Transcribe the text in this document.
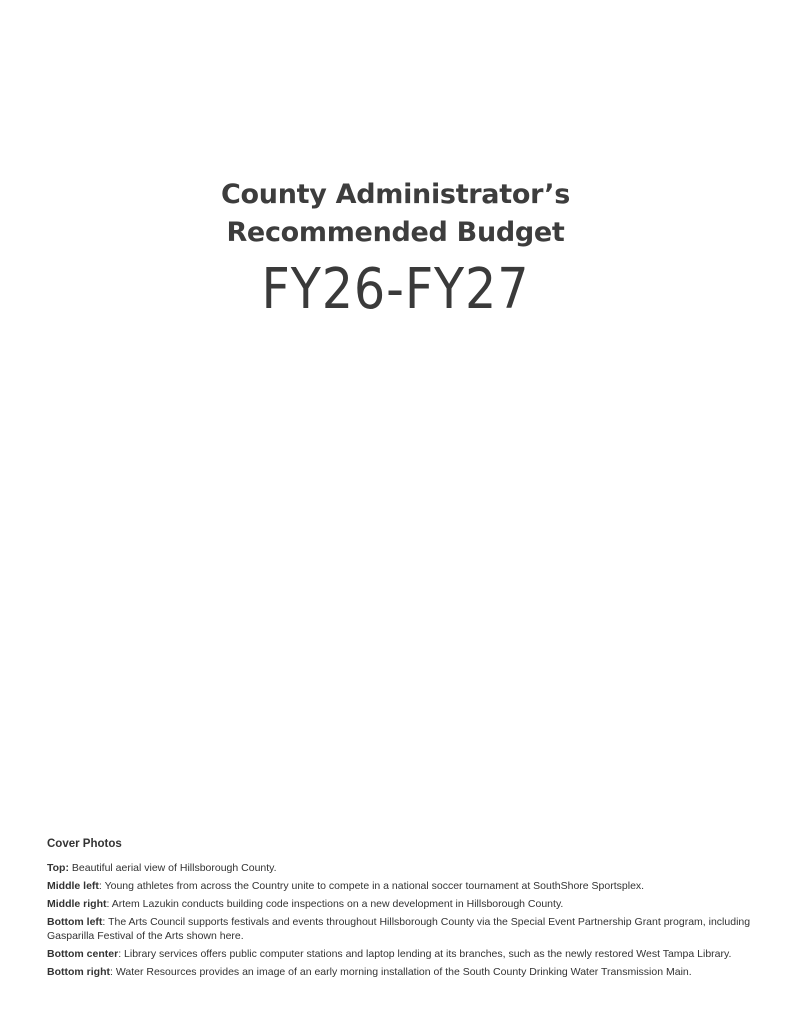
County Administrator’s
Recommended Budget
FY26-FY27
Cover Photos
Top: Beautiful aerial view of Hillsborough County.
Middle left: Young athletes from across the Country unite to compete in a national soccer tournament at SouthShore Sportsplex.
Middle right: Artem Lazukin conducts building code inspections on a new development in Hillsborough County.
Bottom left: The Arts Council supports festivals and events throughout Hillsborough County via the Special Event Partnership Grant program, including Gasparilla Festival of the Arts shown here.
Bottom center: Library services offers public computer stations and laptop lending at its branches, such as the newly restored West Tampa Library.
Bottom right: Water Resources provides an image of an early morning installation of the South County Drinking Water Transmission Main.
